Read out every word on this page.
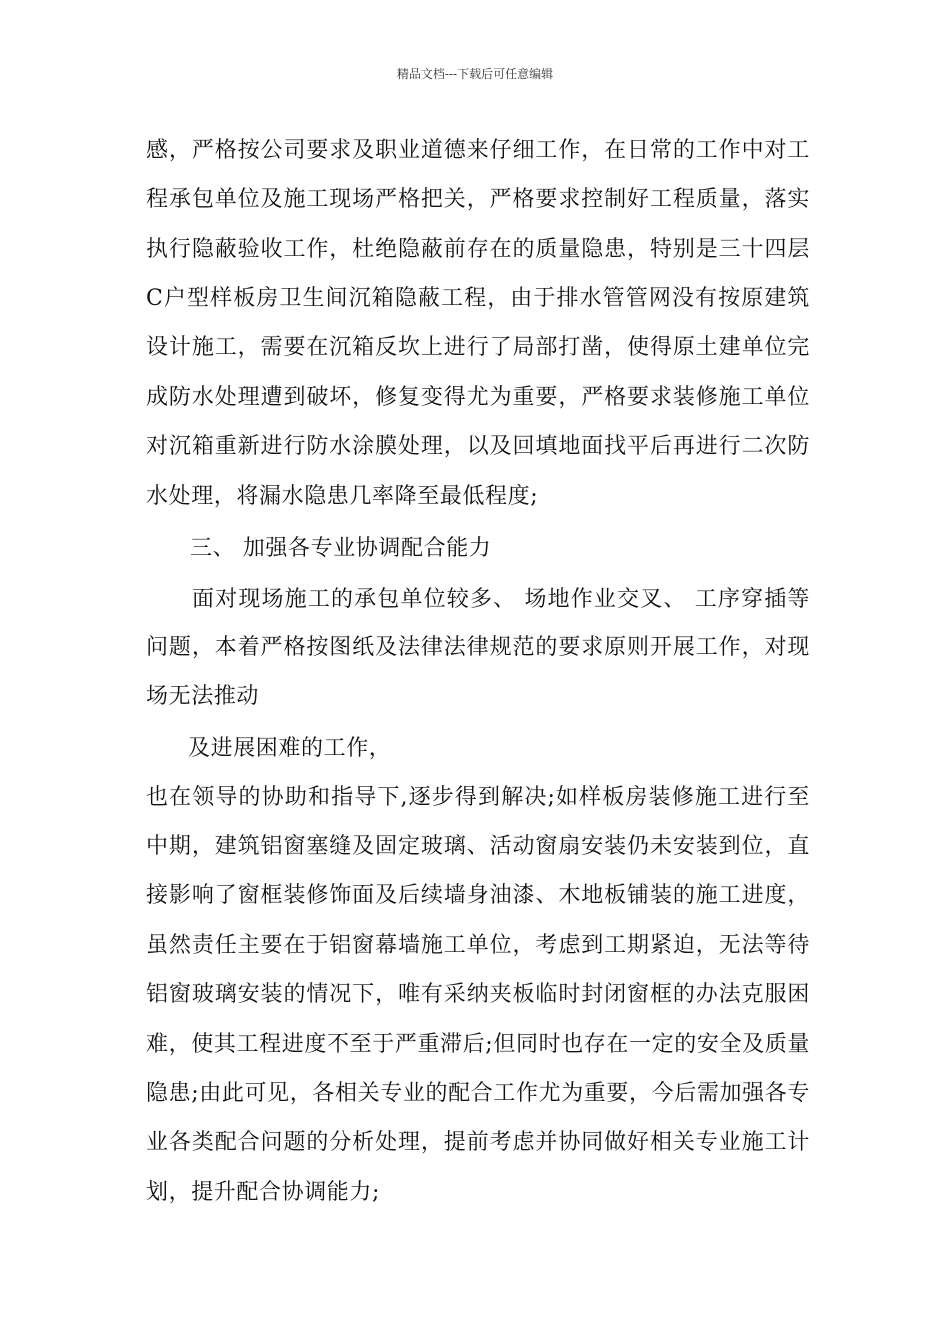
精品文档---下载后可任意编辑
感，严格按公司要求及职业道德来仔细工作，在日常的工作中对工
程承包单位及施工现场严格把关，严格要求控制好工程质量，落实
执行隐蔽验收工作，杜绝隐蔽前存在的质量隐患，特别是三十四层
C户型样板房卫生间沉箱隐蔽工程，由于排水管管网没有按原建筑
设计施工，需要在沉箱反坎上进行了局部打凿，使得原土建单位完
成防水处理遭到破坏，修复变得尤为重要，严格要求装修施工单位
对沉箱重新进行防水涂膜处理，以及回填地面找平后再进行二次防
水处理，将漏水隐患几率降至最低程度;
三、 加强各专业协调配合能力
面对现场施工的承包单位较多、 场地作业交叉、 工序穿插等
问题，本着严格按图纸及法律法律规范的要求原则开展工作，对现
场无法推动
及进展困难的工作，
也在领导的协助和指导下,逐步得到解决;如样板房装修施工进行至
中期，建筑铝窗塞缝及固定玻璃、活动窗扇安装仍未安装到位，直
接影响了窗框装修饰面及后续墙身油漆、木地板铺装的施工进度，
虽然责任主要在于铝窗幕墙施工单位，考虑到工期紧迫，无法等待
铝窗玻璃安装的情况下，唯有采纳夹板临时封闭窗框的办法克服困
难，使其工程进度不至于严重滞后;但同时也存在一定的安全及质量
隐患;由此可见，各相关专业的配合工作尤为重要，今后需加强各专
业各类配合问题的分析处理，提前考虑并协同做好相关专业施工计
划，提升配合协调能力;
